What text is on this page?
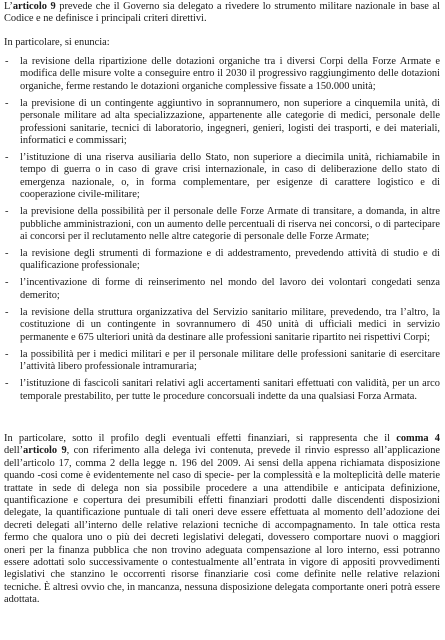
L’articolo 9 prevede che il Governo sia delegato a rivedere lo strumento militare nazionale in base al Codice e ne definisce i principali criteri direttivi.

In particolare, si enuncia:

- la revisione della ripartizione delle dotazioni organiche tra i diversi Corpi della Forze Armate e modifica delle misure volte a conseguire entro il 2030 il progressivo raggiungimento delle dotazioni organiche, ferme restando le dotazioni organiche complessive fissate a 150.000 unità;
- la previsione di un contingente aggiuntivo in soprannumero, non superiore a cinquemila unità, di personale militare ad alta specializzazione, appartenente alle categorie di medici, personale delle professioni sanitarie, tecnici di laboratorio, ingegneri, genieri, logisti dei trasporti, e dei materiali, informatici e commissari;
- l’istituzione di una riserva ausiliaria dello Stato, non superiore a diecimila unità, richiamabile in tempo di guerra o in caso di grave crisi internazionale, in caso di deliberazione dello stato di emergenza nazionale, o, in forma complementare, per esigenze di carattere logistico e di cooperazione civile-militare;
- la previsione della possibilità per il personale delle Forze Armate di transitare, a domanda, in altre pubbliche amministrazioni, con un aumento delle percentuali di riserva nei concorsi, o di partecipare ai concorsi per il reclutamento nelle altre categorie di personale delle Forze Armate;
- la revisione degli strumenti di formazione e di addestramento, prevedendo attività di studio e di qualificazione professionale;
- l’incentivazione di forme di reinserimento nel mondo del lavoro dei volontari congedati senza demerito;
- la revisione della struttura organizzativa del Servizio sanitario militare, prevedendo, tra l’altro, la costituzione di un contingente in sovrannumero di 450 unità di ufficiali medici in servizio permanente e 675 ulteriori unità da destinare alle professioni sanitarie ripartito nei rispettivi Corpi;
- la possibilità per i medici militari e per il personale militare delle professioni sanitarie di esercitare l’attività libero professionale intramuraria;
- l’istituzione di fascicoli sanitari relativi agli accertamenti sanitari effettuati con validità, per un arco temporale prestabilito, per tutte le procedure concorsuali indette da una qualsiasi Forza Armata.

In particolare, sotto il profilo degli eventuali effetti finanziari, si rappresenta che il comma 4 dell’articolo 9, con riferimento alla delega ivi contenuta, prevede il rinvio espresso all’applicazione dell’articolo 17, comma 2 della legge n. 196 del 2009. Ai sensi della appena richiamata disposizione quando -cosi come è evidentemente nel caso di specie- per la complessità e la molteplicità delle materie trattate in sede di delega non sia possibile procedere a una attendibile e anticipata definizione, quantificazione e copertura dei presumibili effetti finanziari prodotti dalle discendenti disposizioni delegate, la quantificazione puntuale di tali oneri deve essere effettuata al momento dell’adozione dei decreti delegati all’interno delle relative relazioni tecniche di accompagnamento. In tale ottica resta fermo che qualora uno o più dei decreti legislativi delegati, dovessero comportare nuovi o maggiori oneri per la finanza pubblica che non trovino adeguata compensazione al loro interno, essi potranno essere adottati solo successivamente o contestualmente all’entrata in vigore di appositi provvedimenti legislativi che stanzino le occorrenti risorse finanziarie così come definite nelle relative relazioni tecniche. È altresì ovvio che, in mancanza, nessuna disposizione delegata comportante oneri potrà essere adottata.
